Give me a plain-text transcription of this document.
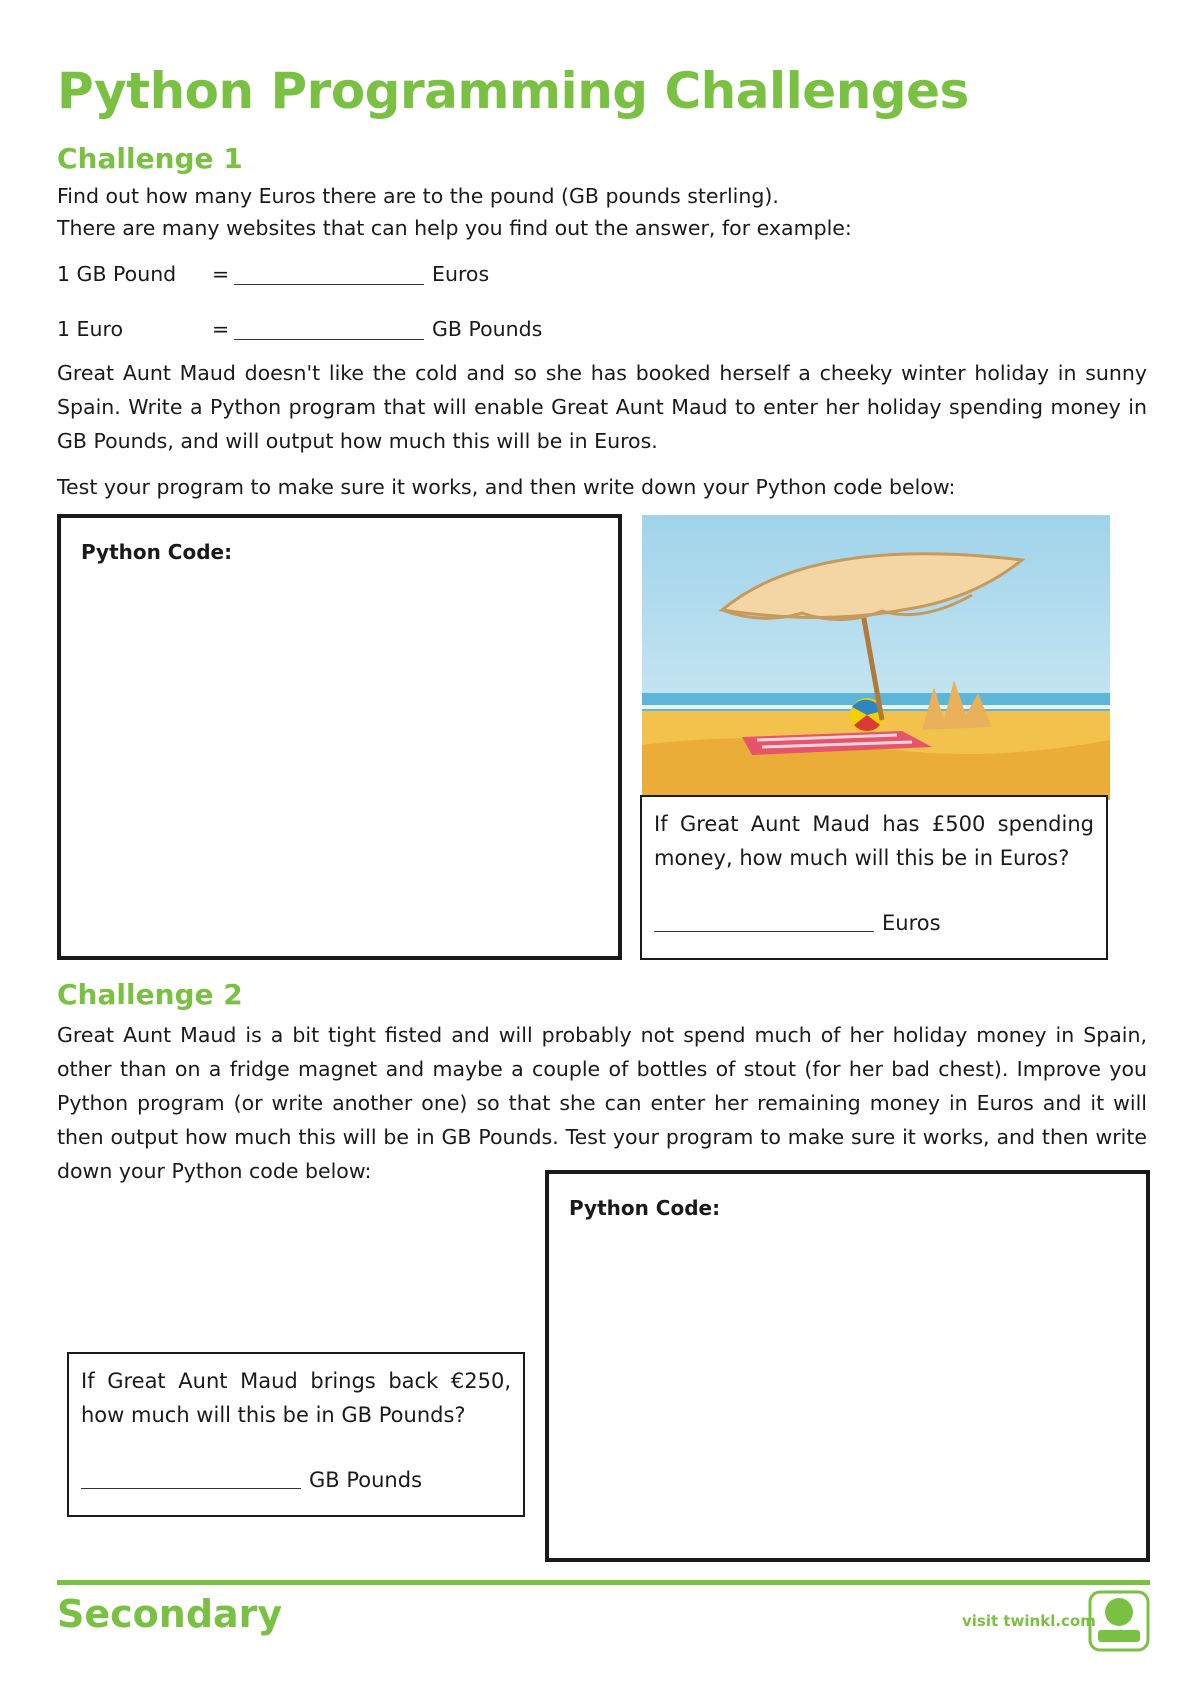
Python Programming Challenges
Challenge 1
Find out how many Euros there are to the pound (GB pounds sterling).
There are many websites that can help you find out the answer, for example:
1 GB Pound	=	Euros
1 Euro	=	GB Pounds
Great Aunt Maud doesn't like the cold and so she has booked herself a cheeky winter holiday in sunny Spain. Write a Python program that will enable Great Aunt Maud to enter her holiday spending money in GB Pounds, and will output how much this will be in Euros.
Test your program to make sure it works, and then write down your Python code below:
Python Code:
If Great Aunt Maud has £500 spending money, how much will this be in Euros?
Euros
Challenge 2
Great Aunt Maud is a bit tight fisted and will probably not spend much of her holiday money in Spain, other than on a fridge magnet and maybe a couple of bottles of stout (for her bad chest). Improve you Python program (or write another one) so that she can enter her remaining money in Euros and it will then output how much this will be in GB Pounds. Test your program to make sure it works, and then write down your Python code below:
Python Code:
If Great Aunt Maud brings back €250, how much will this be in GB Pounds?
GB Pounds
Secondary	visit twinkl.com
